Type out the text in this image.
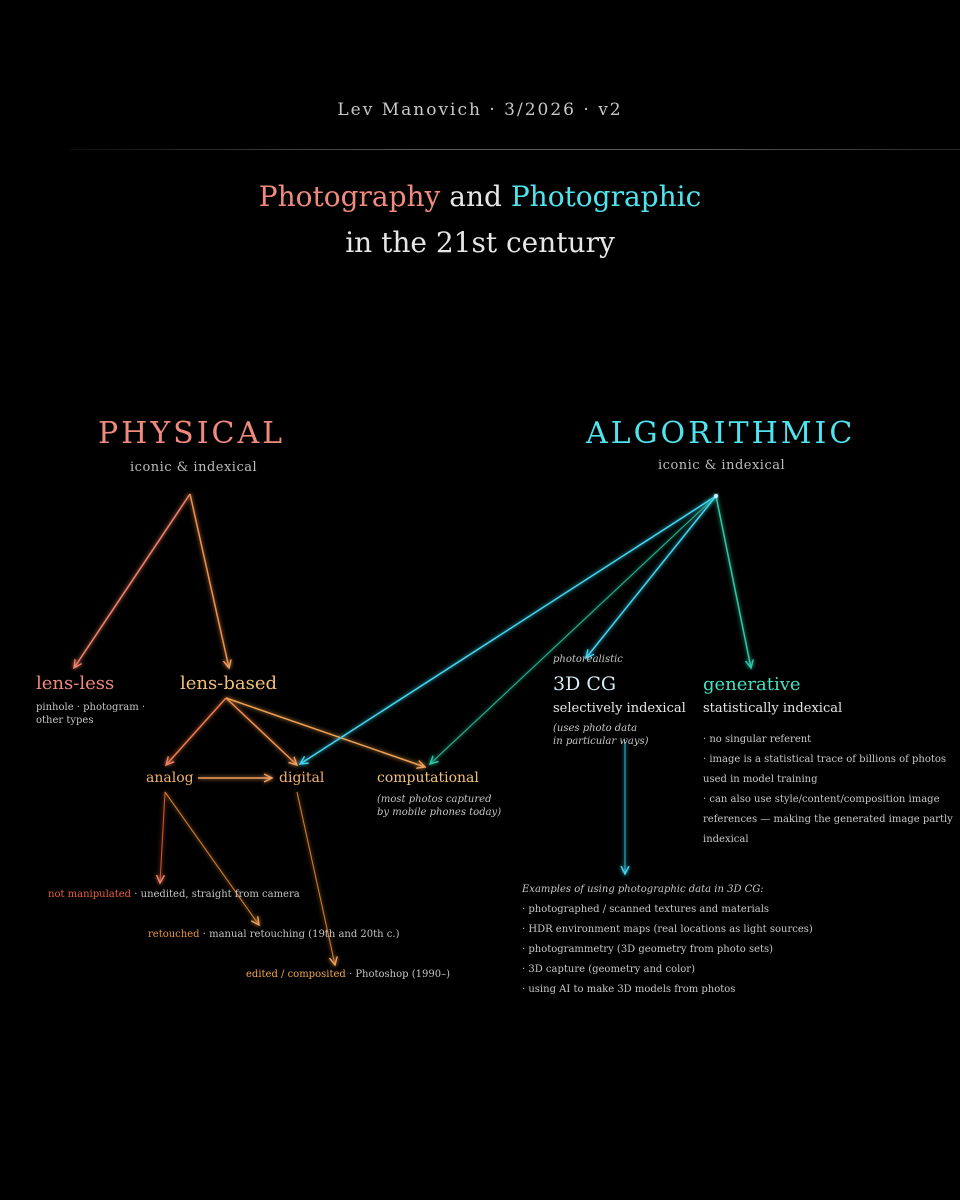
Lev Manovich · 3/2026 · v2
Photography and Photographic
in the 21st century
PHYSICAL
iconic & indexical
lens-less
pinhole · photogram ·
other types
lens-based
analog	digital	computational
(most photos captured
by mobile phones today)
not manipulated · unedited, straight from camera
retouched · manual retouching (19th and 20th c.)
edited / composited · Photoshop (1990–)
ALGORITHMIC
iconic & indexical
photorealistic
3D CG
selectively indexical
(uses photo data
in particular ways)
generative
statistically indexical
· no singular referent
· image is a statistical trace of billions of photos
used in model training
· can also use style/content/composition image
references — making the generated image partly
indexical
Examples of using photographic data in 3D CG:
· photographed / scanned textures and materials
· HDR environment maps (real locations as light sources)
· photogrammetry (3D geometry from photo sets)
· 3D capture (geometry and color)
· using AI to make 3D models from photos
